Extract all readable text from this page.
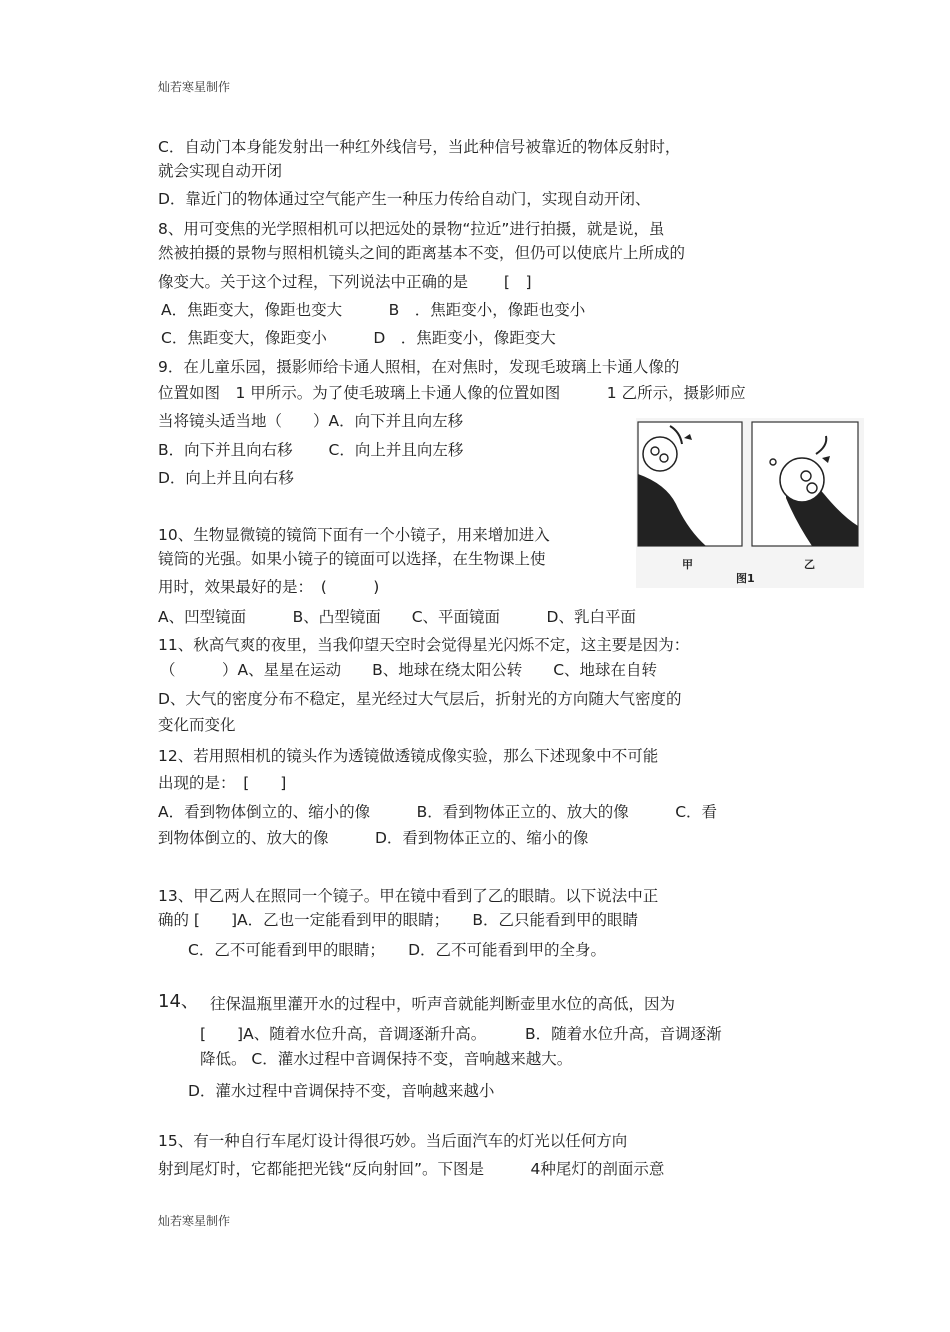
灿若寒星制作
C．自动门本身能发射出一种红外线信号，当此种信号被靠近的物体反射时，
就会实现自动开闭
D．靠近门的物体通过空气能产生一种压力传给自动门，实现自动开闭、
8、用可变焦的光学照相机可以把远处的景物“拉近”进行拍摄，就是说，虽
然被拍摄的景物与照相机镜头之间的距离基本不变，但仍可以使底片上所成的
像变大。关于这个过程，下列说法中正确的是　　 [　]
A．焦距变大，像距也变大　　　B　．焦距变小，像距也变小
C．焦距变大，像距变小　　　D　．焦距变小，像距变大
9．在儿童乐园，摄影师给卡通人照相，在对焦时，发现毛玻璃上卡通人像的
位置如图　1 甲所示。为了使毛玻璃上卡通人像的位置如图　　　1 乙所示，摄影师应
当将镜头适当地（　　）A．向下并且向左移
B．向下并且向右移　　 C．向上并且向左移
D．向上并且向右移
甲
图1
乙
10、生物显微镜的镜筒下面有一个小镜子，用来增加进入
镜筒的光强。如果小镜子的镜面可以选择，在生物课上使
用时，效果最好的是：　(　　　)
A、凹型镜面　　　B、凸型镜面　　C、平面镜面　　　D、乳白平面
11、秋高气爽的夜里，当我仰望天空时会觉得星光闪烁不定，这主要是因为：
（　　　）A、星星在运动　　B、地球在绕太阳公转　　C、地球在自转
D、大气的密度分布不稳定，星光经过大气层后，折射光的方向随大气密度的
变化而变化
12、若用照相机的镜头作为透镜做透镜成像实验，那么下述现象中不可能
出现的是：　[　　]
A．看到物体倒立的、缩小的像　　　B．看到物体正立的、放大的像　　　C．看
到物体倒立的、放大的像　　　D．看到物体正立的、缩小的像
13、甲乙两人在照同一个镜子。甲在镜中看到了乙的眼睛。以下说法中正
确的 [　　]A．乙也一定能看到甲的眼睛；　　B．乙只能看到甲的眼睛
C．乙不可能看到甲的眼睛；　　D．乙不可能看到甲的全身。
14、 往保温瓶里灌开水的过程中，听声音就能判断壶里水位的高低，因为
[　　]A、随着水位升高，音调逐渐升高。　　　B．随着水位升高，音调逐渐
降低。 C．灌水过程中音调保持不变，音响越来越大。
D．灌水过程中音调保持不变，音响越来越小
15、有一种自行车尾灯设计得很巧妙。当后面汽车的灯光以任何方向
射到尾灯时，它都能把光钱“反向射回”。下图是　　　4种尾灯的剖面示意
灿若寒星制作
